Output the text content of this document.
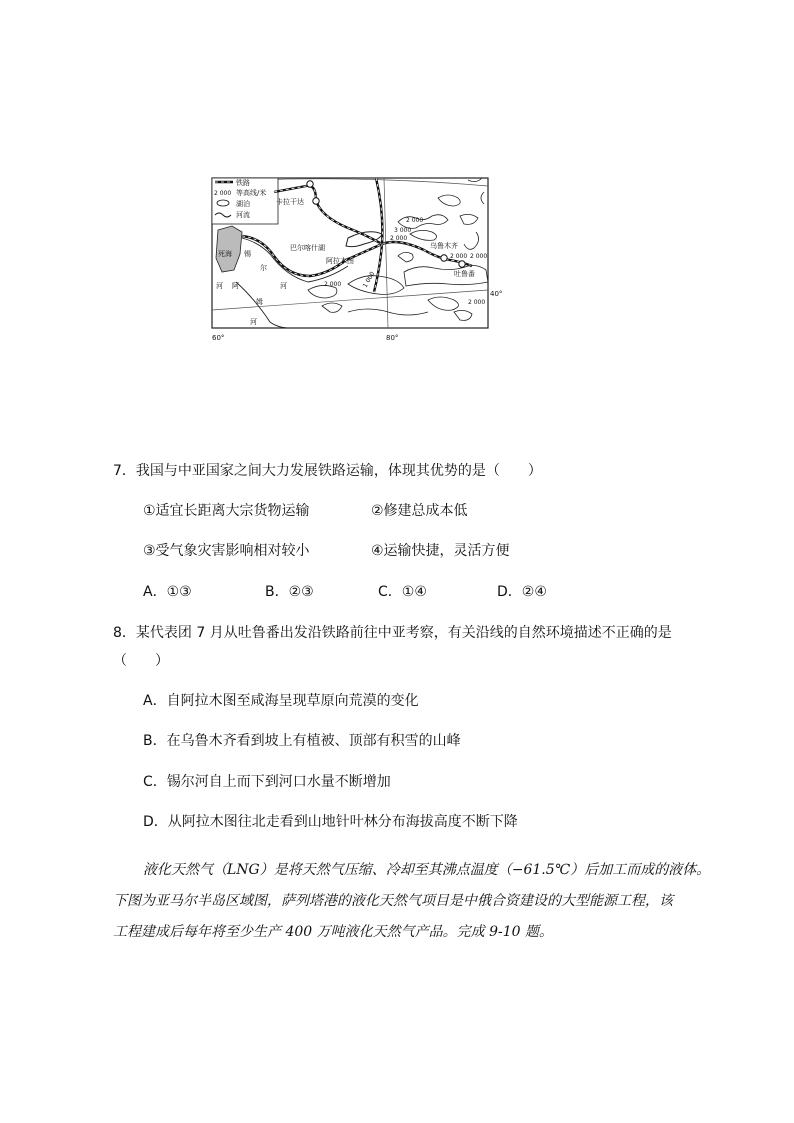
铁路
2 000 等高线/米
湖泊
河流
卡拉干达
巴尔喀什湖
阿拉木图
乌鲁木齐
吐鲁番
死海 锡
尔
河
阿
姆
河
河
2 000
3 000
2 000
2 000
2 000
2 000	1 000
2 000
40°
60°	80°
7．我国与中亚国家之间大力发展铁路运输，体现其优势的是（　　）
①适宜长距离大宗货物运输	②修建总成本低
③受气象灾害影响相对较小	④运输快捷，灵活方便
A．①③	B．②③	C．①④	D．②④
8．某代表团 7 月从吐鲁番出发沿铁路前往中亚考察，有关沿线的自然环境描述不正确的是
（　　）
A．自阿拉木图至咸海呈现草原向荒漠的变化
B．在乌鲁木齐看到坡上有植被、顶部有积雪的山峰
C．锡尔河自上而下到河口水量不断增加
D．从阿拉木图往北走看到山地针叶林分布海拔高度不断下降
液化天然气（LNG）是将天然气压缩、冷却至其沸点温度（−61.5℃）后加工而成的液体。
下图为亚马尔半岛区域图，萨列塔港的液化天然气项目是中俄合资建设的大型能源工程，该
工程建成后每年将至少生产 400 万吨液化天然气产品。完成 9-10 题。
